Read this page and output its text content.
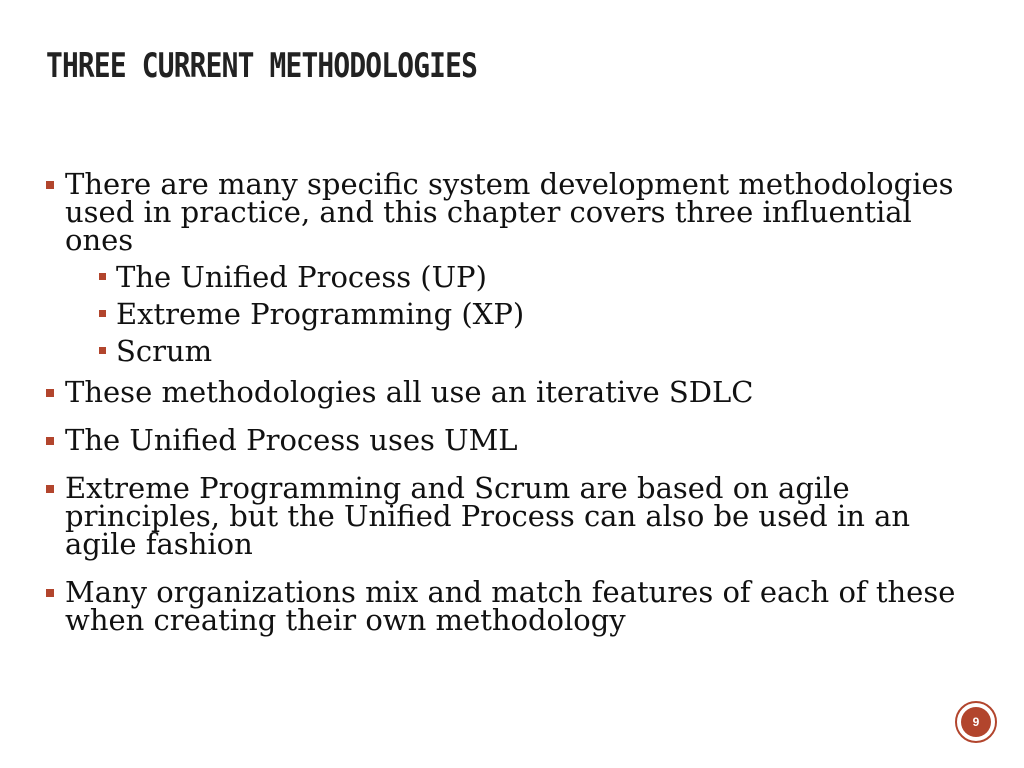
THREE CURRENT METHODOLOGIES
There are many specific system development methodologies used in practice, and this chapter covers three influential ones
The Unified Process (UP)
Extreme Programming (XP)
Scrum
These methodologies all use an iterative SDLC
The Unified Process uses UML
Extreme Programming and Scrum are based on agile principles, but the Unified Process can also be used in an agile fashion
Many organizations mix and match features of each of these when creating their own methodology
9
